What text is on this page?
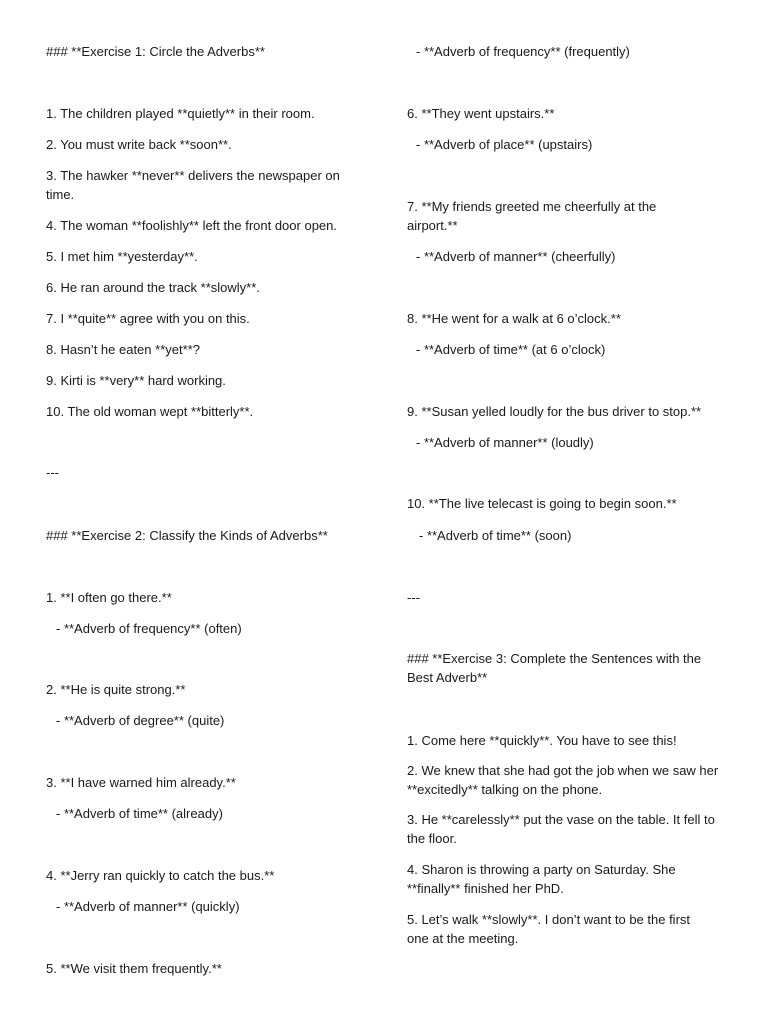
### **Exercise 1: Circle the Adverbs**
1. The children played **quietly** in their room.
2. You must write back **soon**.
3. The hawker **never** delivers the newspaper on time.
4. The woman **foolishly** left the front door open.
5. I met him **yesterday**.
6. He ran around the track **slowly**.
7. I **quite** agree with you on this.
8. Hasn’t he eaten **yet**?
9. Kirti is **very** hard working.
10. The old woman wept **bitterly**.
---
### **Exercise 2: Classify the Kinds of Adverbs**
1. **I often go there.**
- **Adverb of frequency** (often)
2. **He is quite strong.**
- **Adverb of degree** (quite)
3. **I have warned him already.**
- **Adverb of time** (already)
4. **Jerry ran quickly to catch the bus.**
- **Adverb of manner** (quickly)
5. **We visit them frequently.**
- **Adverb of frequency** (frequently)
6. **They went upstairs.**
- **Adverb of place** (upstairs)
7. **My friends greeted me cheerfully at the airport.**
- **Adverb of manner** (cheerfully)
8. **He went for a walk at 6 o’clock.**
- **Adverb of time** (at 6 o’clock)
9. **Susan yelled loudly for the bus driver to stop.**
- **Adverb of manner** (loudly)
10. **The live telecast is going to begin soon.**
- **Adverb of time** (soon)
---
### **Exercise 3: Complete the Sentences with the Best Adverb**
1. Come here **quickly**. You have to see this!
2. We knew that she had got the job when we saw her **excitedly** talking on the phone.
3. He **carelessly** put the vase on the table. It fell to the floor.
4. Sharon is throwing a party on Saturday. She **finally** finished her PhD.
5. Let’s walk **slowly**. I don’t want to be the first one at the meeting.
